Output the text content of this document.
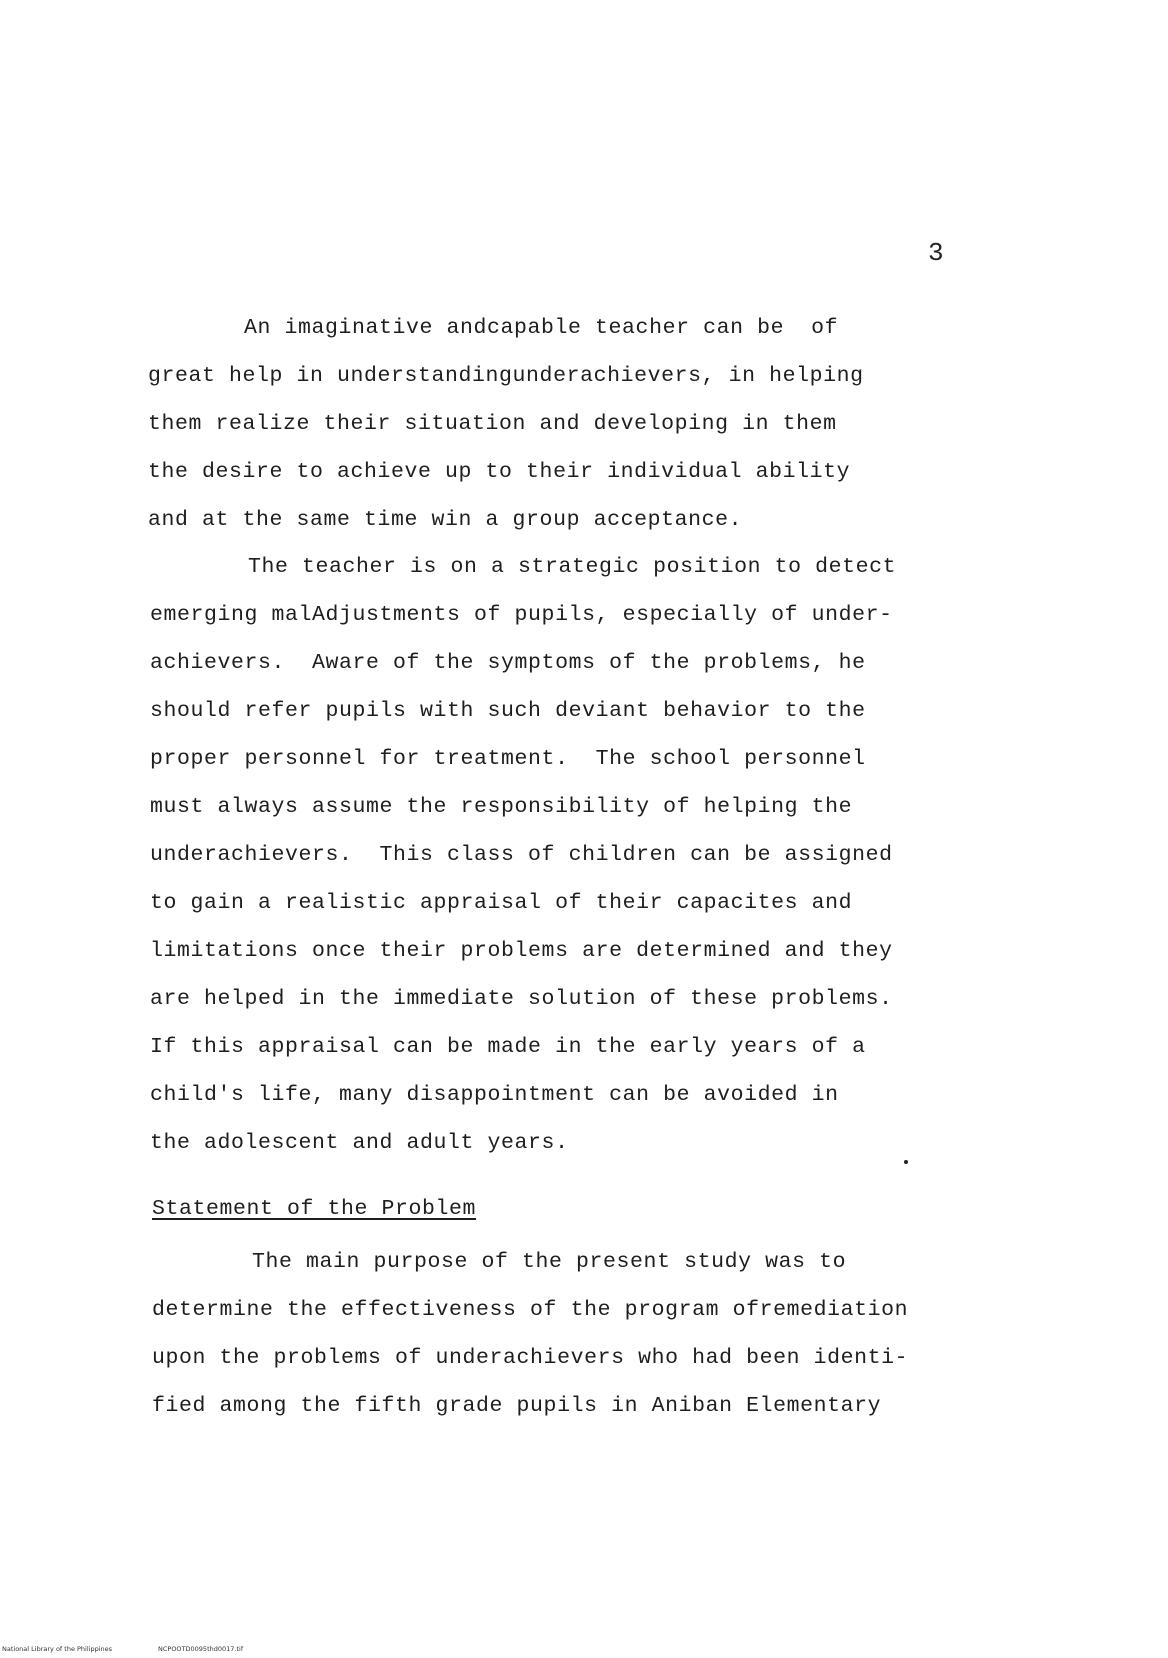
3
An imaginative andcapable teacher can be  of
great help in understandingunderachievers, in helping
them realize their situation and developing in them
the desire to achieve up to their individual ability
and at the same time win a group acceptance.
The teacher is on a strategic position to detect
emerging malAdjustments of pupils, especially of under-
achievers.  Aware of the symptoms of the problems, he
should refer pupils with such deviant behavior to the
proper personnel for treatment.  The school personnel
must always assume the responsibility of helping the
underachievers.  This class of children can be assigned
to gain a realistic appraisal of their capacites and
limitations once their problems are determined and they
are helped in the immediate solution of these problems.
If this appraisal can be made in the early years of a
child's life, many disappointment can be avoided in
the adolescent and adult years.
Statement of the Problem
The main purpose of the present study was to
determine the effectiveness of the program ofremediation
upon the problems of underachievers who had been identi-
fied among the fifth grade pupils in Aniban Elementary
National Library of the Philippines	NCPOOTD0095thd0017.tif
